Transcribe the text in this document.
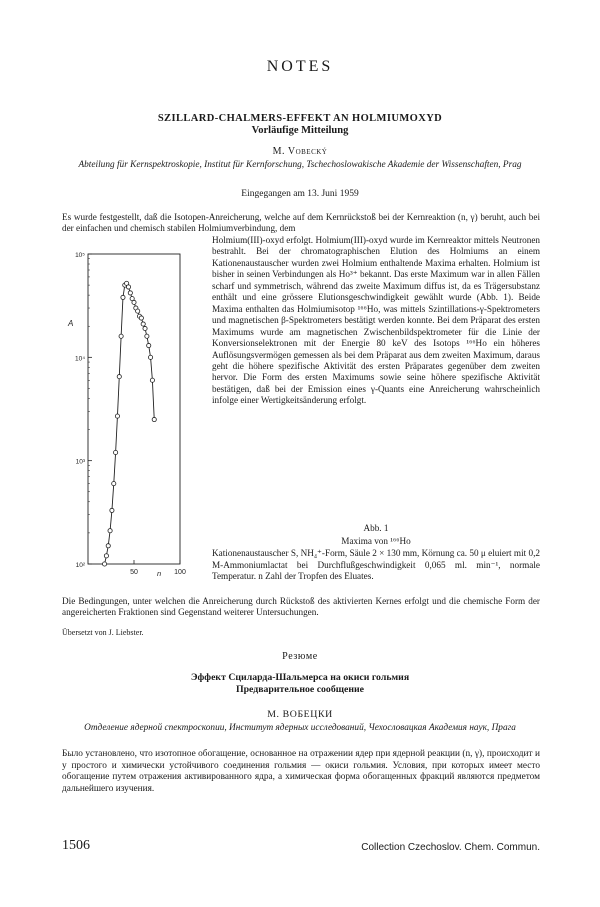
NOTES
SZILLARD-CHALMERS-EFFEKT AN HOLMIUMOXYD
Vorläufige Mitteilung
M. Vobecký
Abteilung für Kernspektroskopie, Institut für Kernforschung, Tschechoslowakische Akademie der Wissenschaften, Prag
Eingegangen am 13. Juni 1959
Es wurde festgestellt, daß die Isotopen-Anreicherung, welche auf dem Kernrückstoß bei der Kernreaktion (n, γ) beruht, auch bei der einfachen und chemisch stabilen Holmiumverbindung, dem
Holmium(III)-oxyd erfolgt. Holmium(III)-oxyd wurde im Kernreaktor mittels Neutronen bestrahlt. Bei der chromatographischen Elution des Holmiums an einem Kationenaustauscher wurden zwei Holmium enthaltende Maxima erhalten. Holmium ist bisher in seinen Verbindungen als Ho³⁺ bekannt. Das erste Maximum war in allen Fällen scharf und symmetrisch, während das zweite Maximum diffus ist, da es Trägersubstanz enthält und eine grössere Elutionsgeschwindigkeit gewählt wurde (Abb. 1). Beide Maxima enthalten das Holmiumisotop ¹⁶⁶Ho, was mittels Szintillations-γ-Spektrometers und magnetischen β-Spektrometers bestätigt werden konnte. Bei dem Präparat des ersten Maximums wurde am magnetischen Zwischenbildspektrometer für die Linie der Konversionselektronen mit der Energie 80 keV des Isotops ¹⁶⁶Ho ein höheres Auflösungsvermögen gemessen als bei dem Präparat aus dem zweiten Maximum, daraus geht die höhere spezifische Aktivität des ersten Präparates gegenüber dem zweiten hervor. Die Form des ersten Maximums sowie seine höhere spezifische Aktivität bestätigen, daß bei der Emission eines γ-Quants eine Anreicherung wahrscheinlich infolge einer Wertigkeitsänderung erfolgt.
10⁵
10⁴
10³
10²
50	100
A
n
Abb. 1
Maxima von ¹⁶⁶Ho
Kationenaustauscher S, NH₄⁺-Form, Säule 2 × 130 mm, Körnung ca. 50 μ eluiert mit 0,2 M-Ammoniumlactat bei Durchflußgeschwindigkeit 0,065 ml. min⁻¹, normale Temperatur. n Zahl der Tropfen des Eluates.
Die Bedingungen, unter welchen die Anreicherung durch Rückstoß des aktivierten Kernes erfolgt und die chemische Form der angereicherten Fraktionen sind Gegenstand weiterer Untersuchungen.
Übersetzt von J. Liebster.
Резюме
Эффект Сциларда-Шальмерса на окиси гольмия
Предварительное сообщение
М. ВОБЕЦКИ
Отделение ядерной спектроскопии, Институт ядерных исследований, Чехословацкая Академия наук, Прага
Было установлено, что изотопное обогащение, основанное на отражении ядер при ядерной реакции (n, γ), происходит и у простого и химически устойчивого соединения гольмия — окиси гольмия. Условия, при которых имеет место обогащение путем отражения активированного ядра, а химическая форма обогащенных фракций являются предметом дальнейшего изучения.
1506	Collection Czechoslov. Chem. Commun.
